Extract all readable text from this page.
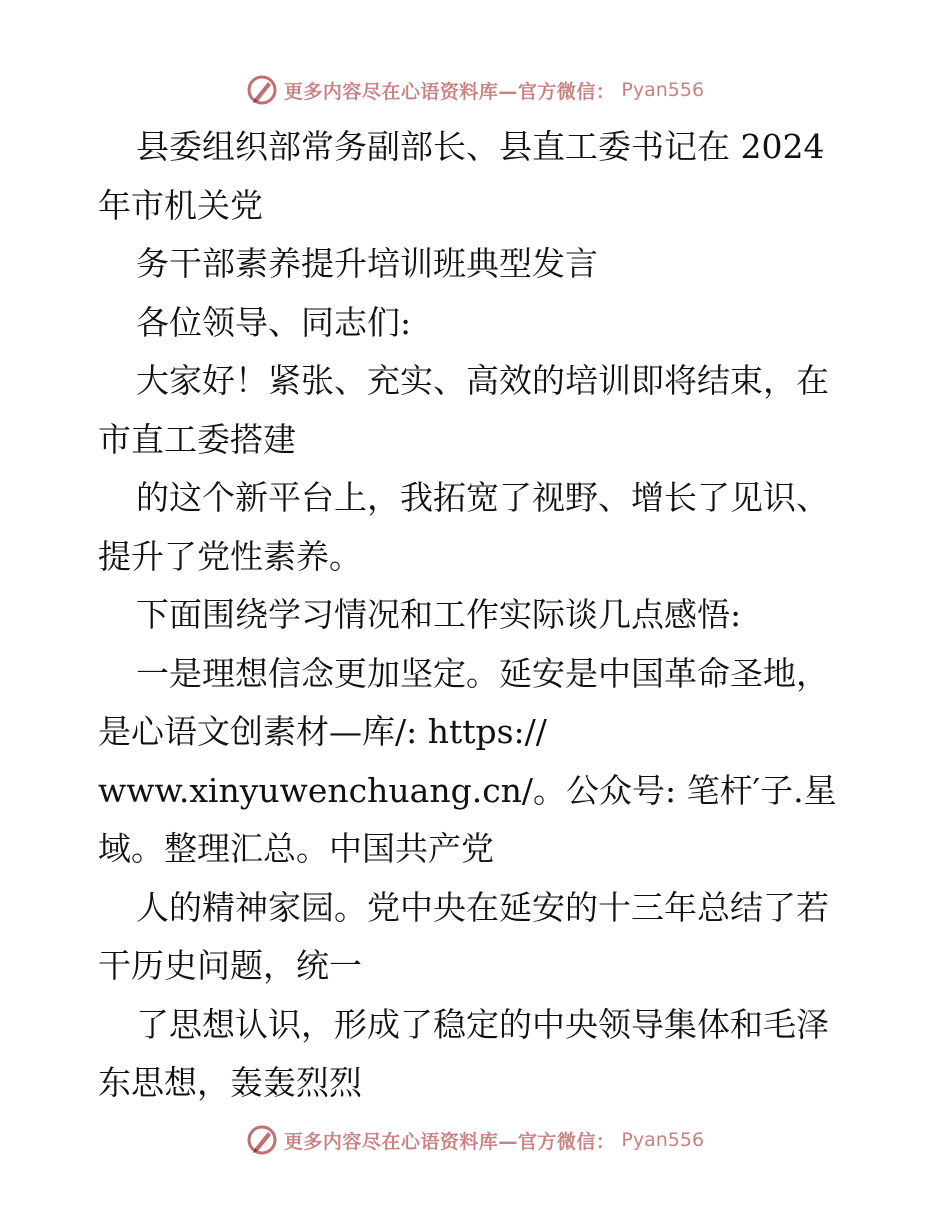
更多内容尽在心语资料库—官方微信： Pyan556
县委组织部常务副部长、县直工委书记在 2024
年市机关党
务干部素养提升培训班典型发言
各位领导、同志们:
大家好！紧张、充实、高效的培训即将结束，在
市直工委搭建
的这个新平台上，我拓宽了视野、增长了见识、
提升了党性素养。
下面围绕学习情况和工作实际谈几点感悟:
一是理想信念更加坚定。延安是中国革命圣地，
是心语文创素材—库/: https://
www.xinyuwenchuang.cn/。公众号: 笔杆′子.星
域。整理汇总。中国共产党
人的精神家园。党中央在延安的十三年总结了若
干历史问题，统一
了思想认识，形成了稳定的中央领导集体和毛泽
东思想，轰轰烈烈
更多内容尽在心语资料库—官方微信： Pyan556
